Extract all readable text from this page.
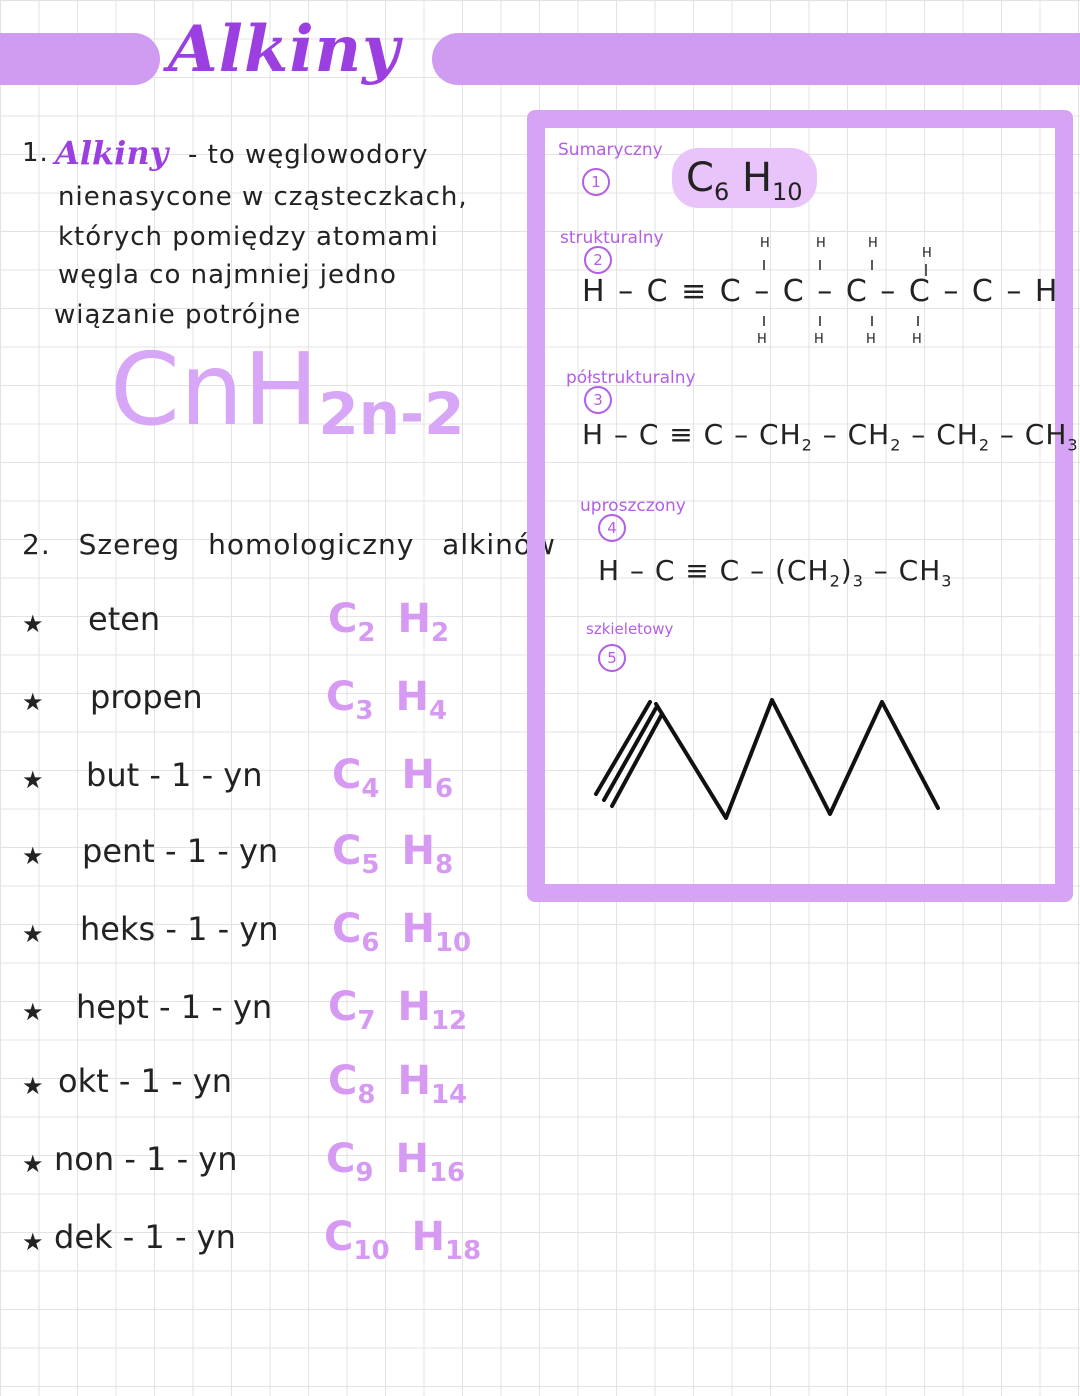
Alkiny
1. Alkiny - to węglowodory
nienasycone w cząsteczkach,
których pomiędzy atomami
węgla co najmniej jedno
wiązanie potrójne
CnH2n-2
2. Szereg homologiczny alkinów
★ eten	$C_2$ $H_2$
★ propen	$C_3$ $H_4$
★ but - 1 - yn $C_4$ $H_6$
★ pent - 1 - yn $C_5$ $H_8$
★ heks - 1 - yn $C_6$ $H_{10}$
★ hept - 1 - yn $C_7$ $H_{12}$
★ okt - 1 - yn $C_8$ $H_{14}$
★ non - 1 - yn $C_9$ $H_{16}$
★ dek - 1 - yn $C_{10}$ $H_{18}$
Sumaryczny
1	$C_6$ $H_{10}$
strukturalny
2
H – C ≡ C – C – C – C – C – H
H	H	H
H
H	H	H	H
półstrukturalny
3
$H - C \equiv C - CH_2 - CH_2 - CH_2 - CH_3$
uproszczony
4
$H - C \equiv C - (CH_2)_3 - CH_3$
szkieletowy
5
